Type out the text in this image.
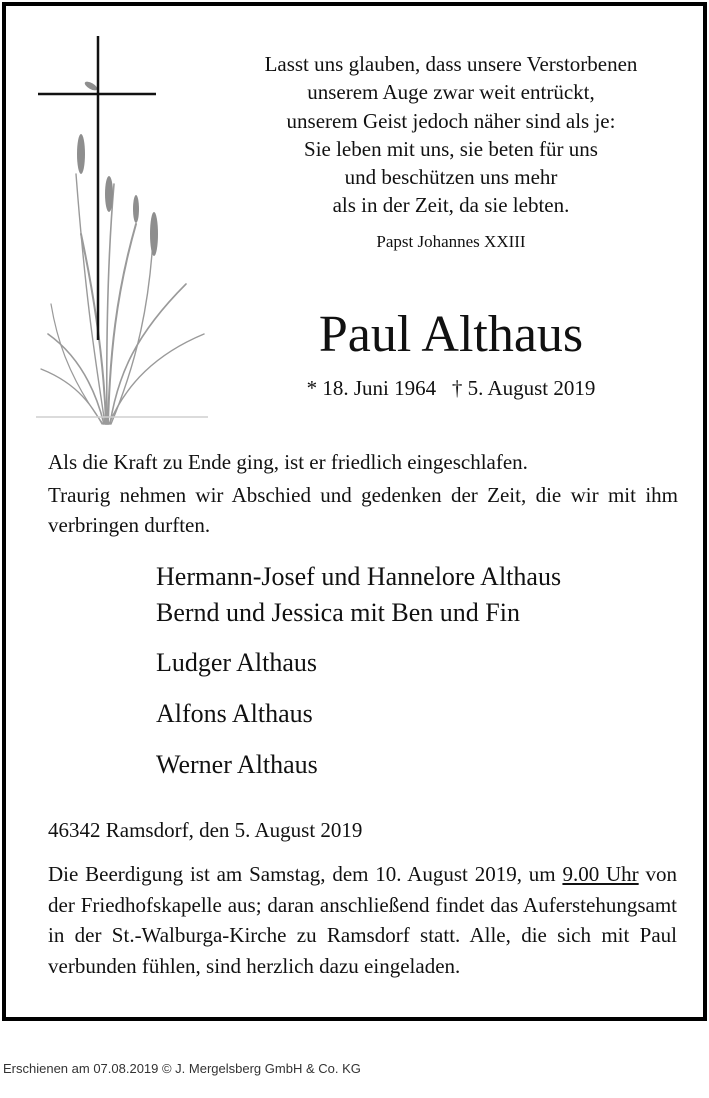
Lasst uns glauben, dass unsere Verstorbenen
unserem Auge zwar weit entrückt,
unserem Geist jedoch näher sind als je:
Sie leben mit uns, sie beten für uns
und beschützen uns mehr
als in der Zeit, da sie lebten.
Papst Johannes XXIII
Paul Althaus
* 18. Juni 1964   † 5. August 2019

Als die Kraft zu Ende ging, ist er friedlich eingeschlafen.

Traurig nehmen wir Abschied und gedenken der Zeit, die wir mit ihm verbringen durften.

Hermann-Josef und Hannelore Althaus
Bernd und Jessica mit Ben und Fin
Ludger Althaus
Alfons Althaus
Werner Althaus
46342 Ramsdorf, den 5. August 2019
Die Beerdigung ist am Samstag, dem 10. August 2019, um 9.00 Uhr von der Friedhofskapelle aus; daran anschließend findet das Auferstehungsamt in der St.-Walburga-Kirche zu Ramsdorf statt. Alle, die sich mit Paul verbunden fühlen, sind herzlich dazu eingeladen.
Erschienen am 07.08.2019 © J. Mergelsberg GmbH & Co. KG
